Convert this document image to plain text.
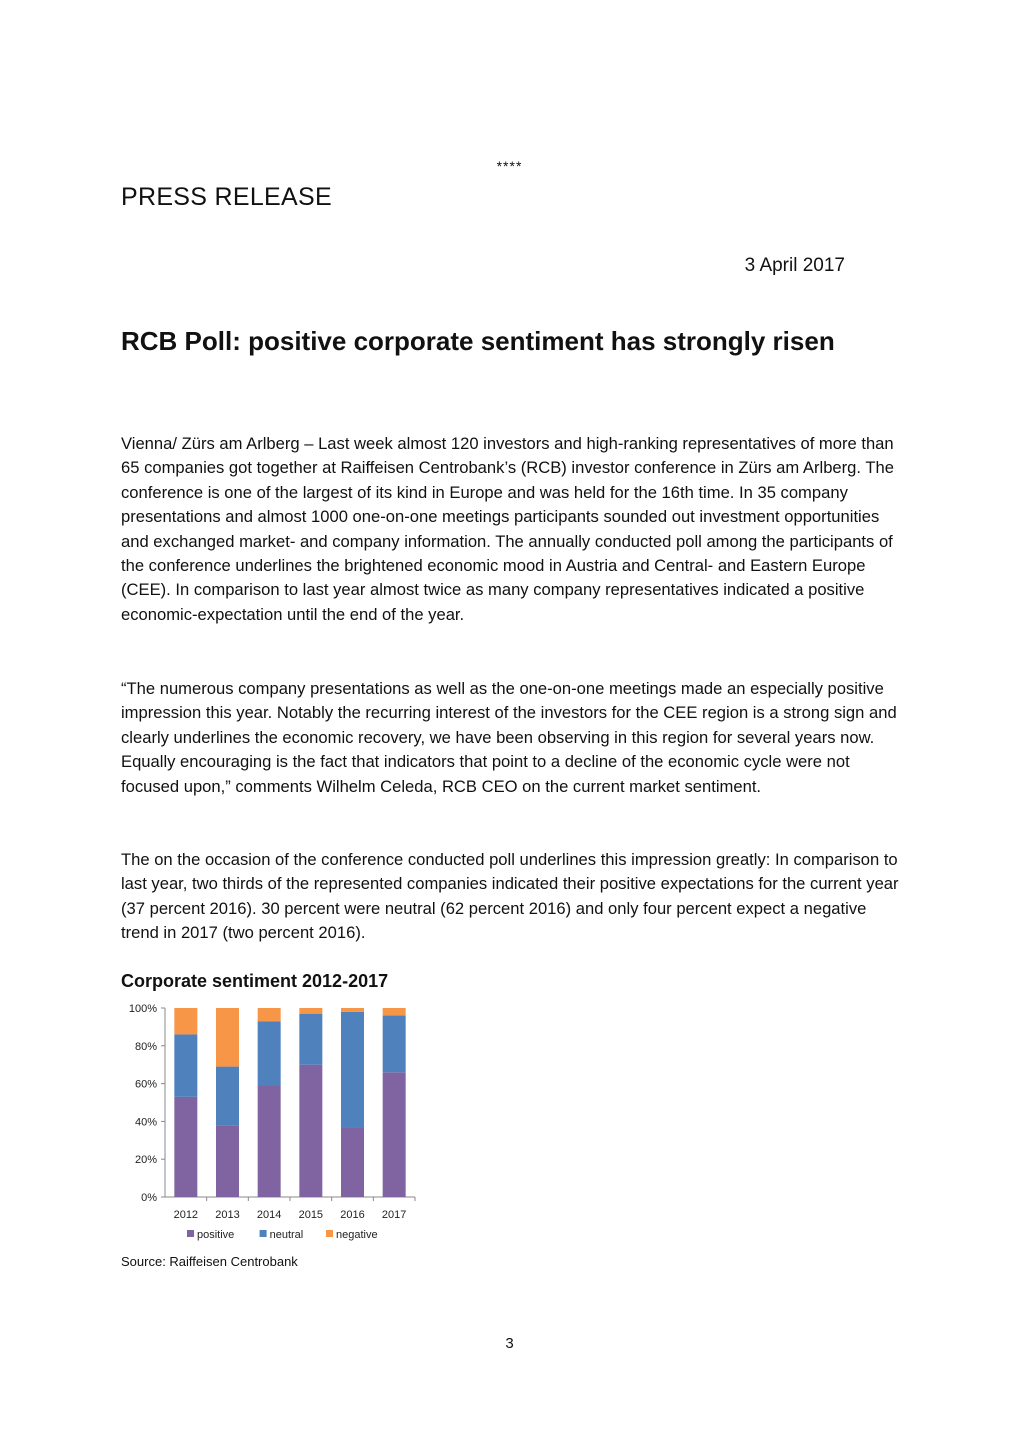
****
PRESS RELEASE
3 April 2017
RCB Poll: positive corporate sentiment has strongly risen
Vienna/ Zürs am Arlberg – Last week almost 120 investors and high-ranking representatives of more than 65 companies got together at Raiffeisen Centrobank’s (RCB) investor conference in Zürs am Arlberg. The conference is one of the largest of its kind in Europe and was held for the 16th time. In 35 company presentations and almost 1000 one-on-one meetings participants sounded out investment opportunities and exchanged market- and company information. The annually conducted poll among the participants of the conference underlines the brightened economic mood in Austria and Central- and Eastern Europe (CEE). In comparison to last year almost twice as many company representatives indicated a positive economic-expectation until the end of the year.
“The numerous company presentations as well as the one-on-one meetings made an especially positive impression this year. Notably the recurring interest of the investors for the CEE region is a strong sign and clearly underlines the economic recovery, we have been observing in this region for several years now. Equally encouraging is the fact that indicators that point to a decline of the economic cycle were not focused upon,” comments Wilhelm Celeda, RCB CEO on the current market sentiment.
The on the occasion of the conference conducted poll underlines this impression greatly: In comparison to last year, two thirds of the represented companies indicated their positive expectations for the current year (37 percent 2016). 30 percent were neutral (62 percent 2016) and only four percent expect a negative trend in 2017 (two percent 2016).
Corporate sentiment 2012-2017
0%
20%
40%
60%
80%
100%
2012 2013 2014 2015 2016 2017
positive	neutral	negative
Source: Raiffeisen Centrobank
3
